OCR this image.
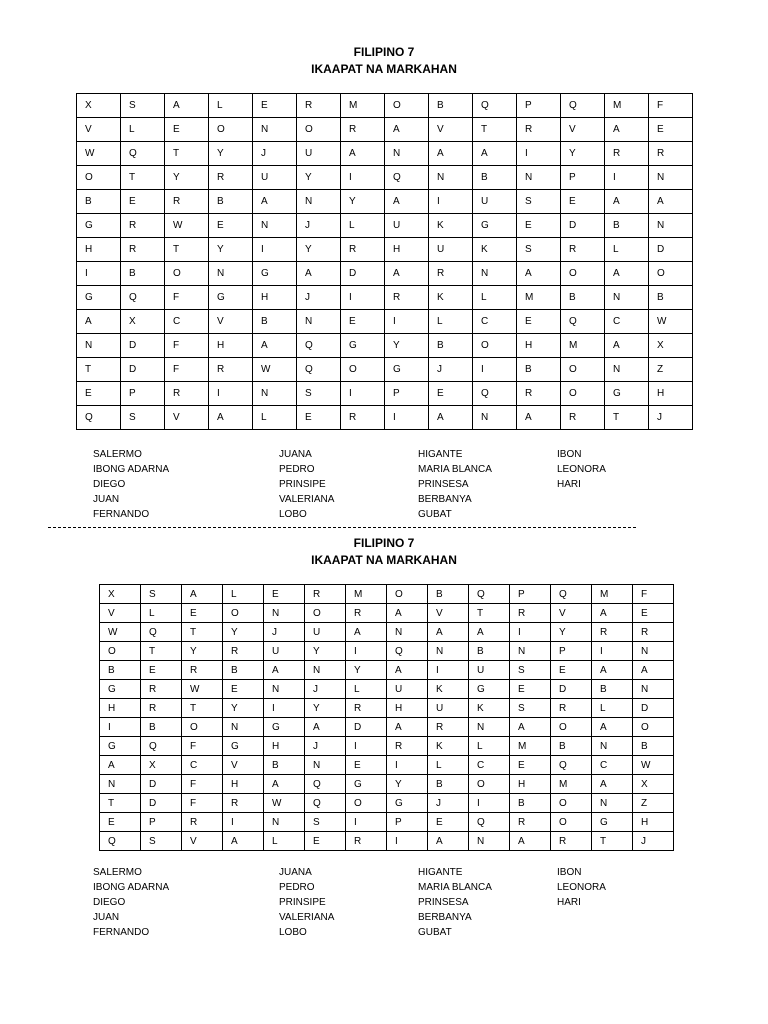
FILIPINO 7
IKAAPAT NA MARKAHAN
X	S	A	L	E	R	M	O	B	Q	P	Q	M	F
V	L	E	O	N	O	R	A	V	T	R	V	A	E
W	Q	T	Y	J	U	A	N	A	A	I	Y	R	R
O	T	Y	R	U	Y	I	Q	N	B	N	P	I	N
B	E	R	B	A	N	Y	A	I	U	S	E	A	A
G	R	W	E	N	J	L	U	K	G	E	D	B	N
H	R	T	Y	I	Y	R	H	U	K	S	R	L	D
I	B	O	N	G	A	D	A	R	N	A	O	A	O
G	Q	F	G	H	J	I	R	K	L	M	B	N	B
A	X	C	V	B	N	E	I	L	C	E	Q	C	W
N	D	F	H	A	Q	G	Y	B	O	H	M	A	X
T	D	F	R	W	Q	O	G	J	I	B	O	N	Z
E	P	R	I	N	S	I	P	E	Q	R	O	G	H
Q	S	V	A	L	E	R	I	A	N	A	R	T	J
SALERMO
IBONG ADARNA
DIEGO
JUAN
FERNANDO
JUANA
PEDRO
PRINSIPE
VALERIANA
LOBO
HIGANTE
MARIA BLANCA
PRINSESA
BERBANYA
GUBAT
IBON
LEONORA
HARI
FILIPINO 7
IKAAPAT NA MARKAHAN
X	S	A	L	E	R	M	O	B	Q	P	Q	M	F
V	L	E	O	N	O	R	A	V	T	R	V	A	E
W	Q	T	Y	J	U	A	N	A	A	I	Y	R	R
O	T	Y	R	U	Y	I	Q	N	B	N	P	I	N
B	E	R	B	A	N	Y	A	I	U	S	E	A	A
G	R	W	E	N	J	L	U	K	G	E	D	B	N
H	R	T	Y	I	Y	R	H	U	K	S	R	L	D
I	B	O	N	G	A	D	A	R	N	A	O	A	O
G	Q	F	G	H	J	I	R	K	L	M	B	N	B
A	X	C	V	B	N	E	I	L	C	E	Q	C	W
N	D	F	H	A	Q	G	Y	B	O	H	M	A	X
T	D	F	R	W	Q	O	G	J	I	B	O	N	Z
E	P	R	I	N	S	I	P	E	Q	R	O	G	H
Q	S	V	A	L	E	R	I	A	N	A	R	T	J
SALERMO
IBONG ADARNA
DIEGO
JUAN
FERNANDO
JUANA
PEDRO
PRINSIPE
VALERIANA
LOBO
HIGANTE
MARIA BLANCA
PRINSESA
BERBANYA
GUBAT
IBON
LEONORA
HARI
